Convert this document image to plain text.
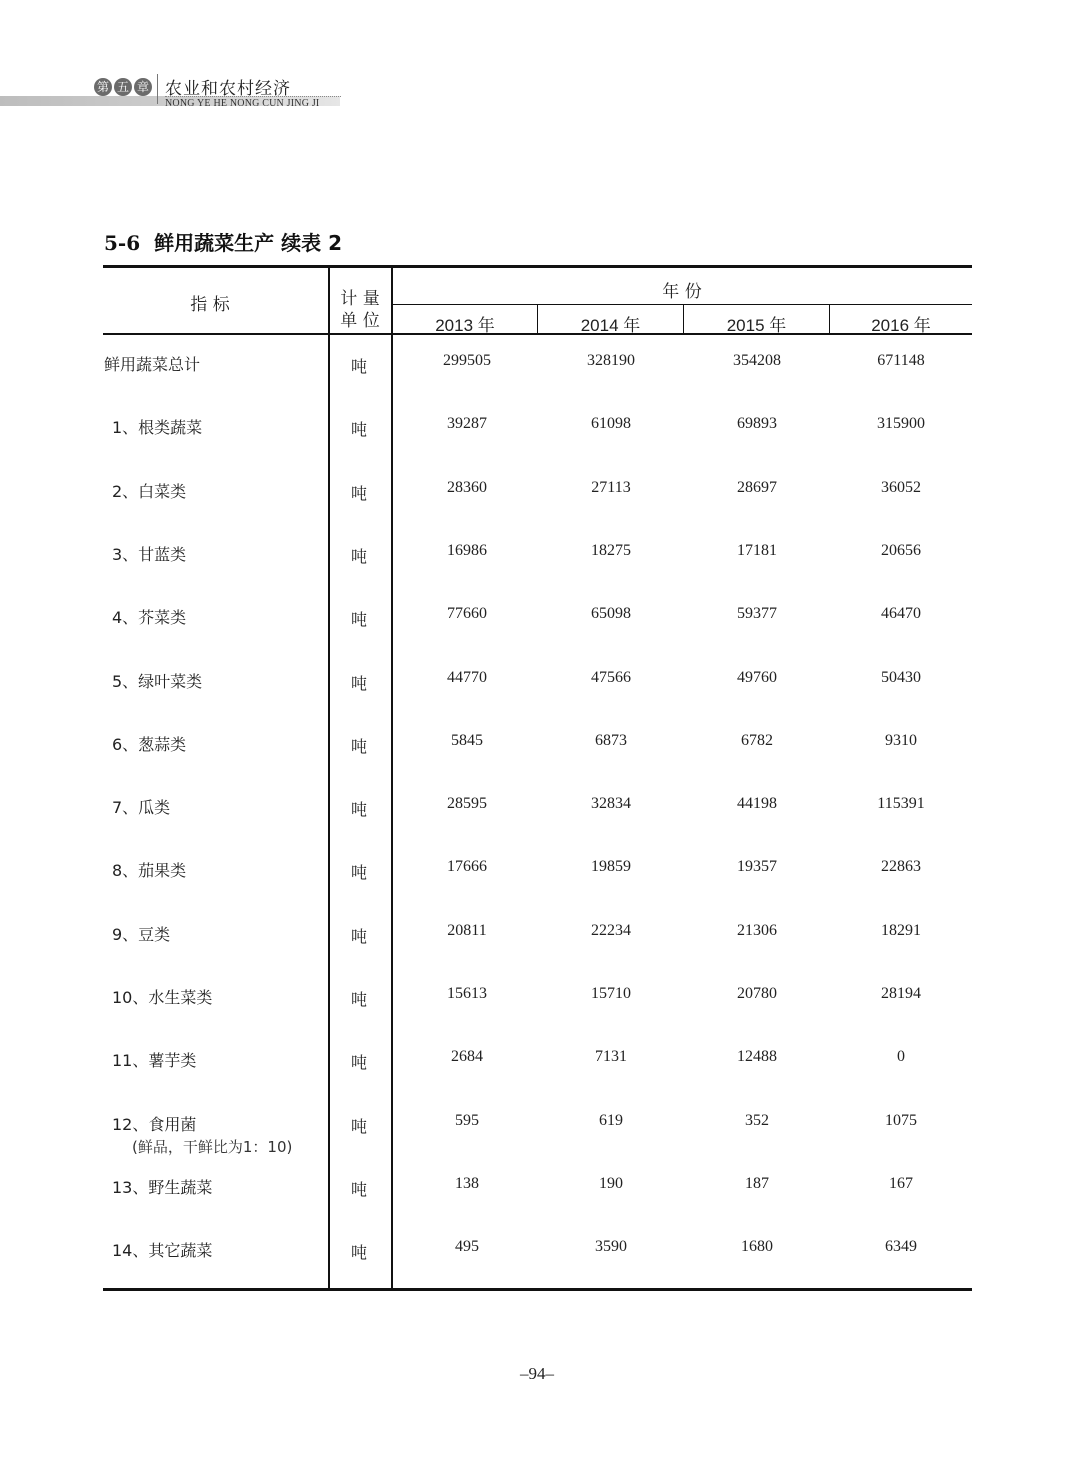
第 五 章 农业和农村经济
NONG YE HE NONG CUN JING JI
5-6 鲜用蔬菜生产 续表 2
指 标	计 量
单 位
年 份
2013 年	2014 年	2015 年	2016 年
鲜用蔬菜总计	吨	299505	328190	354208	671148
1、根类蔬菜	吨	39287	61098	69893	315900
2、白菜类	吨	28360	27113	28697	36052
3、甘蓝类	吨	16986	18275	17181	20656
4、芥菜类	吨	77660	65098	59377	46470
5、绿叶菜类	吨	44770	47566	49760	50430
6、葱蒜类	吨	5845	6873	6782	9310
7、瓜类	吨	28595	32834	44198	115391
8、茄果类	吨	17666	19859	19357	22863
9、豆类	吨	20811	22234	21306	18291
10、水生菜类	吨	15613	15710	20780	28194
11、薯芋类	吨	2684	7131	12488	0
12、食用菌
(鲜品，干鲜比为1：10)
吨	595	619	352	1075
13、野生蔬菜	吨	138	190	187	167
14、其它蔬菜	吨	495	3590	1680	6349
–94–
